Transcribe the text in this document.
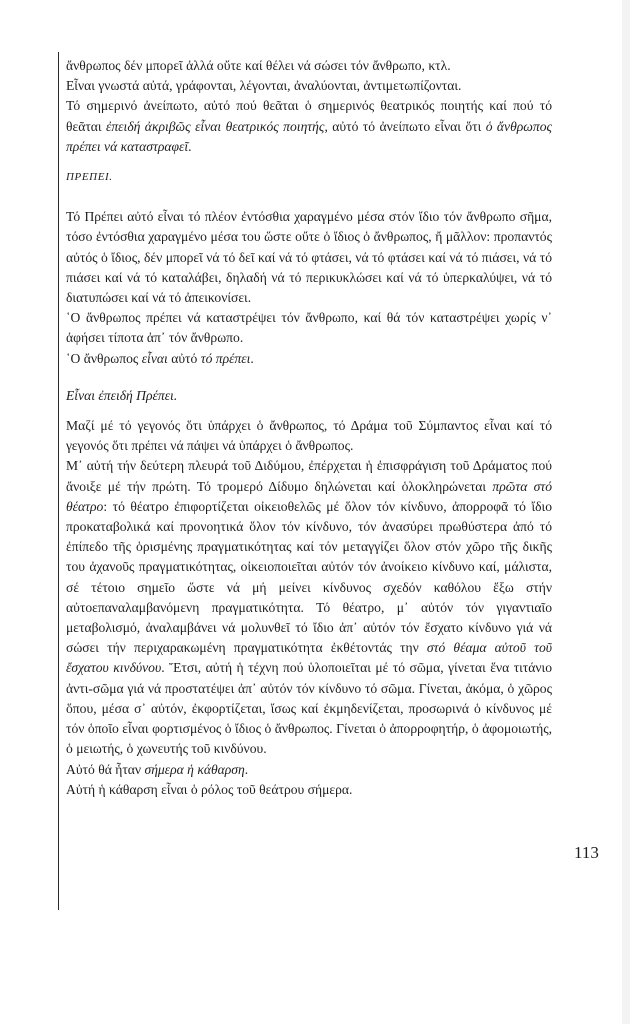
ἄνθρωπος δέν μπορεῖ ἀλλά οὔτε καί θέλει νά σώσει τόν ἄνθρωπο, κτλ.

Εἶναι γνωστά αὐτά, γράφονται, λέγονται, ἀναλύονται, ἀντιμετωπίζονται.

Τό σημερινό ἀνείπωτο, αὐτό πού θεᾶται ὁ σημερινός θεατρικός ποιητής καί πού τό θεᾶται ἐπειδή ἀκριβῶς εἶναι θεατρικός ποιητής, αὐτό τό ἀνείπωτο εἶναι ὅτι ὁ ἄνθρωπος πρέπει νά καταστραφεῖ.

ΠΡΕΠΕΙ.

Τό Πρέπει αὐτό εἶναι τό πλέον ἐντόσθια χαραγμένο μέσα στόν ἴδιο τόν ἄνθρωπο σῆμα, τόσο ἐντόσθια χαραγμένο μέσα του ὥστε οὔτε ὁ ἴδιος ὁ ἄνθρωπος, ἤ μᾶλλον: προπαντός αὐτός ὁ ἴδιος, δέν μπορεῖ νά τό δεῖ καί νά τό φτάσει, νά τό φτάσει καί νά τό πιάσει, νά τό πιάσει καί νά τό καταλάβει, δηλαδή νά τό περικυκλώσει καί νά τό ὑπερκαλύψει, νά τό διατυπώσει καί νά τό ἀπεικονίσει.

῾Ο ἄνθρωπος πρέπει νά καταστρέψει τόν ἄνθρωπο, καί θά τόν καταστρέψει χωρίς ν᾿ ἀφήσει τίποτα ἀπ᾿ τόν ἄνθρωπο.

῾Ο ἄνθρωπος εἶναι αὐτό τό πρέπει.

Εἶναι ἐπειδή Πρέπει.

Μαζί μέ τό γεγονός ὅτι ὑπάρχει ὁ ἄνθρωπος, τό Δράμα τοῦ Σύμπαντος εἶναι καί τό γεγονός ὅτι πρέπει νά πάψει νά ὑπάρχει ὁ ἄνθρωπος.

Μ᾿ αὐτή τήν δεύτερη πλευρά τοῦ Διδύμου, ἐπέρχεται ἡ ἐπισφράγιση τοῦ Δράματος πού ἄνοιξε μέ τήν πρώτη. Τό τρομερό Δίδυμο δηλώνεται καί ὁλοκληρώνεται πρῶτα στό θέατρο: τό θέατρο ἐπιφορτίζεται οἰκειοθελῶς μέ ὅλον τόν κίνδυνο, ἀπορροφᾶ τό ἴδιο προκαταβολικά καί προνοητικά ὅλον τόν κίνδυνο, τόν ἀνασύρει πρωθύστερα ἀπό τό ἐπίπεδο τῆς ὁρισμένης πραγματικότητας καί τόν μεταγγίζει ὅλον στόν χῶρο τῆς δικῆς του ἀχανοῦς πραγματικότητας, οἰκειοποιεῖται αὐτόν τόν ἀνοίκειο κίνδυνο καί, μάλιστα, σέ τέτοιο σημεῖο ὥστε νά μή μείνει κίνδυνος σχεδόν καθόλου ἔξω στήν αὐτοεπαναλαμβανόμενη πραγματικότητα. Τό θέατρο, μ᾿ αὐτόν τόν γιγαντιαῖο μεταβολισμό, ἀναλαμβάνει νά μολυνθεῖ τό ἴδιο ἀπ᾿ αὐτόν τόν ἔσχατο κίνδυνο γιά νά σώσει τήν περιχαρακωμένη πραγματικότητα ἐκθέτοντάς την στό θέαμα αὐτοῦ τοῦ ἔσχατου κινδύνου. Ἔτσι, αὐτή ἡ τέχνη πού ὑλοποιεῖται μέ τό σῶμα, γίνεται ἕνα τιτάνιο ἀντι-σῶμα γιά νά προστατέψει ἀπ᾿ αὐτόν τόν κίνδυνο τό σῶμα. Γίνεται, ἀκόμα, ὁ χῶρος ὅπου, μέσα σ᾿ αὐτόν, ἐκφορτίζεται, ἴσως καί ἐκμηδενίζεται, προσωρινά ὁ κίνδυνος μέ τόν ὁποῖο εἶναι φορτισμένος ὁ ἴδιος ὁ ἄνθρωπος. Γίνεται ὁ ἀπορροφητήρ, ὁ ἀφομοιωτής, ὁ μειωτής, ὁ χωνευτής τοῦ κινδύνου.

Αὐτό θά ἦταν σήμερα ἡ κάθαρση.

Αὐτή ἡ κάθαρση εἶναι ὁ ρόλος τοῦ θεάτρου σήμερα.

113
